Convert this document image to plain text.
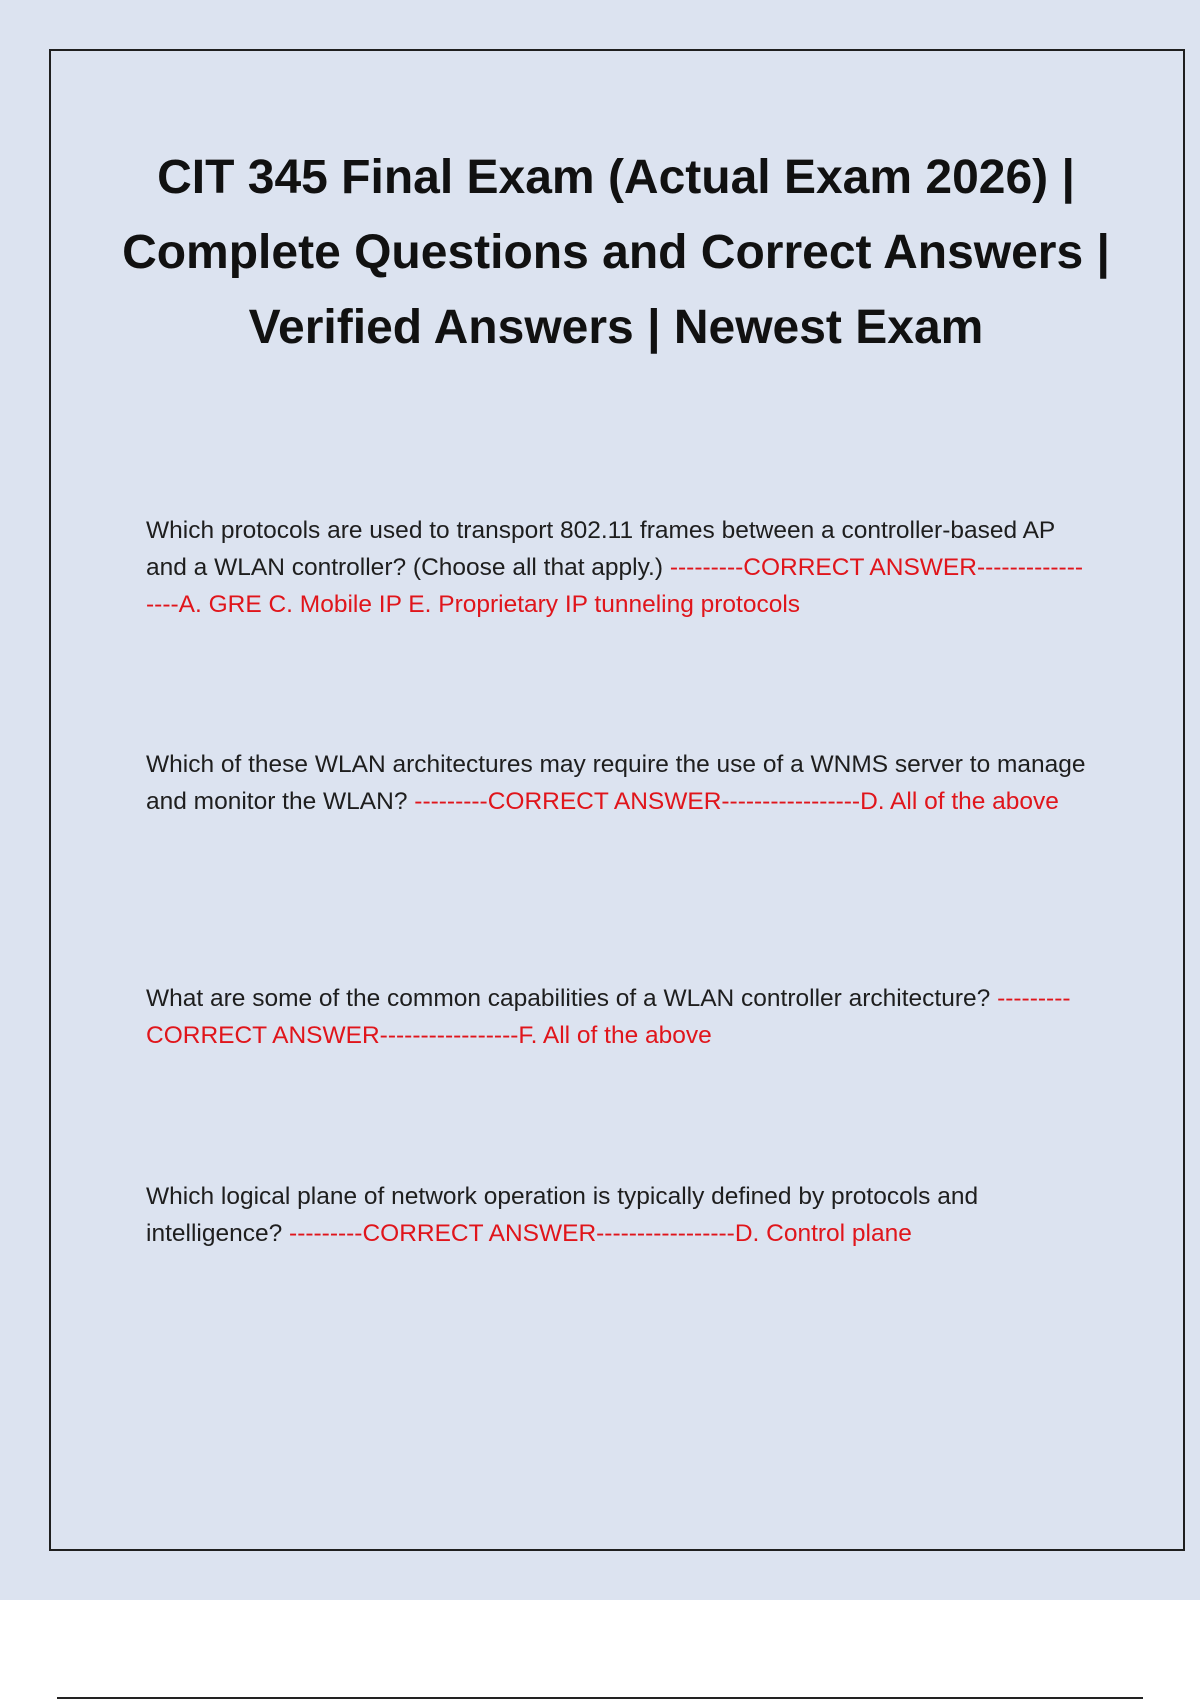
CIT 345 Final Exam (Actual Exam 2026) | Complete Questions and Correct Answers | Verified Answers | Newest Exam

Which protocols are used to transport 802.11 frames between a controller-based AP and a WLAN controller? (Choose all that apply.) ---------CORRECT ANSWER-----------------A. GRE C. Mobile IP E. Proprietary IP tunneling protocols

Which of these WLAN architectures may require the use of a WNMS server to manage and monitor the WLAN? ---------CORRECT ANSWER-----------------D. All of the above

What are some of the common capabilities of a WLAN controller architecture? ---------CORRECT ANSWER-----------------F. All of the above

Which logical plane of network operation is typically defined by protocols and intelligence? ---------CORRECT ANSWER-----------------D. Control plane
